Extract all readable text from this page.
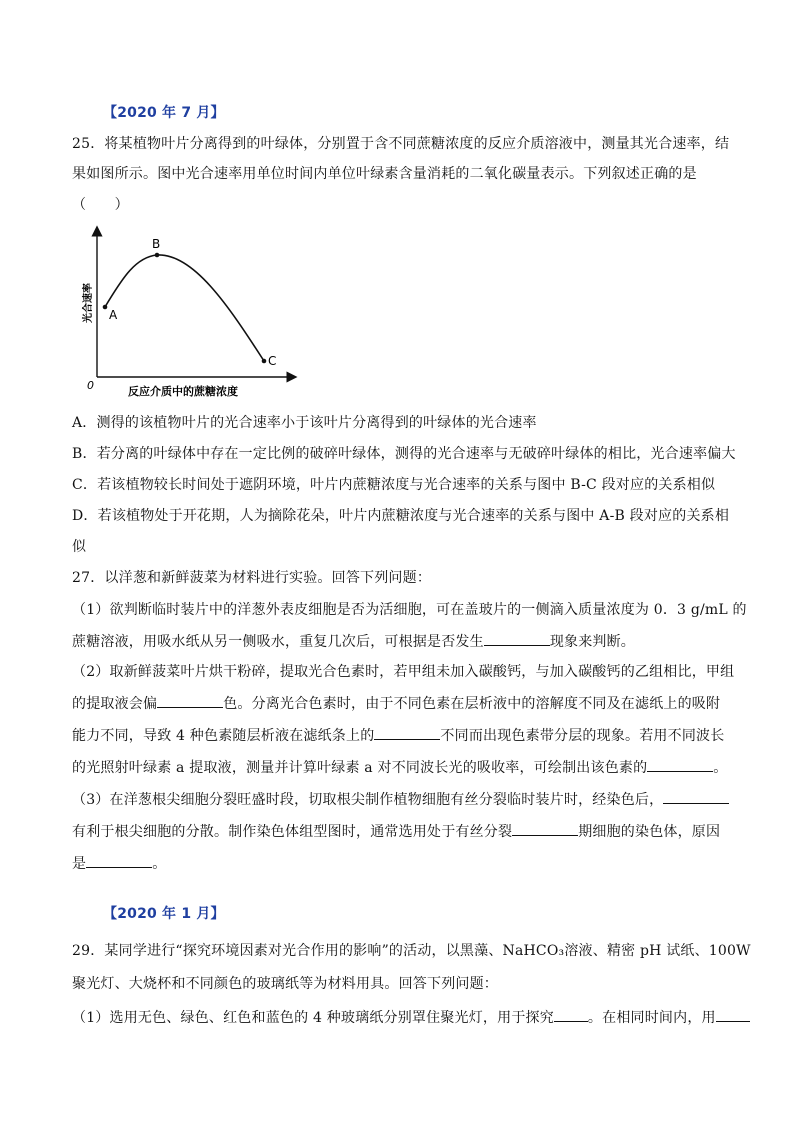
【2020 年 7 月】
25．将某植物叶片分离得到的叶绿体，分别置于含不同蔗糖浓度的反应介质溶液中，测量其光合速率，结
果如图所示。图中光合速率用单位时间内单位叶绿素含量消耗的二氧化碳量表示。下列叙述正确的是
（　　）
A
B
C
0
光合速率
反应介质中的蔗糖浓度
A．测得的该植物叶片的光合速率小于该叶片分离得到的叶绿体的光合速率
B．若分离的叶绿体中存在一定比例的破碎叶绿体，测得的光合速率与无破碎叶绿体的相比，光合速率偏大
C．若该植物较长时间处于遮阴环境，叶片内蔗糖浓度与光合速率的关系与图中 B-C 段对应的关系相似
D．若该植物处于开花期，人为摘除花朵，叶片内蔗糖浓度与光合速率的关系与图中 A-B 段对应的关系相
似
27．以洋葱和新鲜菠菜为材料进行实验。回答下列问题：
（1）欲判断临时装片中的洋葱外表皮细胞是否为活细胞，可在盖玻片的一侧滴入质量浓度为 0．3 g/mL 的
蔗糖溶液，用吸水纸从另一侧吸水，重复几次后，可根据是否发生	现象来判断。
（2）取新鲜菠菜叶片烘干粉碎，提取光合色素时，若甲组未加入碳酸钙，与加入碳酸钙的乙组相比，甲组
的提取液会偏	色。分离光合色素时，由于不同色素在层析液中的溶解度不同及在滤纸上的吸附
能力不同，导致 4 种色素随层析液在滤纸条上的	不同而出现色素带分层的现象。若用不同波长
的光照射叶绿素 a 提取液，测量并计算叶绿素 a 对不同波长光的吸收率，可绘制出该色素的	。
（3）在洋葱根尖细胞分裂旺盛时段，切取根尖制作植物细胞有丝分裂临时装片时，经染色后，
有利于根尖细胞的分散。制作染色体组型图时，通常选用处于有丝分裂	期细胞的染色体，原因
是	。
【2020 年 1 月】
29．某同学进行“探究环境因素对光合作用的影响”的活动，以黑藻、NaHCO₃溶液、精密 pH 试纸、100W
聚光灯、大烧杯和不同颜色的玻璃纸等为材料用具。回答下列问题：
（1）选用无色、绿色、红色和蓝色的 4 种玻璃纸分别罩住聚光灯，用于探究 。在相同时间内，用
